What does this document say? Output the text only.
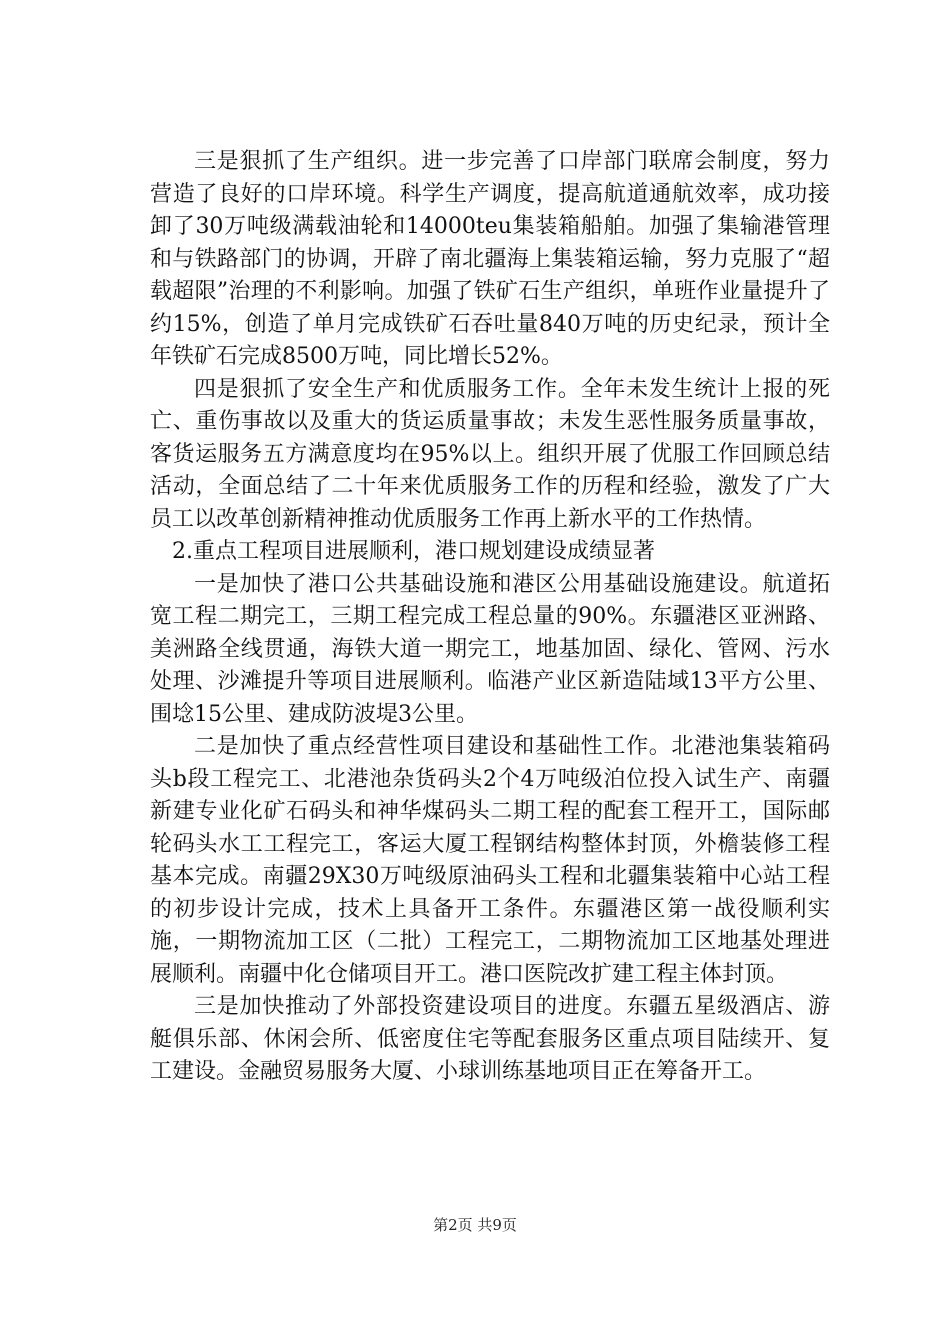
三是狠抓了生产组织。进一步完善了口岸部门联席会制度，努力营造了良好的口岸环境。科学生产调度，提高航道通航效率，成功接卸了30万吨级满载油轮和14000teu集装箱船舶。加强了集输港管理和与铁路部门的协调，开辟了南北疆海上集装箱运输，努力克服了“超载超限”治理的不利影响。加强了铁矿石生产组织，单班作业量提升了约15%，创造了单月完成铁矿石吞吐量840万吨的历史纪录，预计全年铁矿石完成8500万吨，同比增长52%。

四是狠抓了安全生产和优质服务工作。全年未发生统计上报的死亡、重伤事故以及重大的货运质量事故；未发生恶性服务质量事故，客货运服务五方满意度均在95%以上。组织开展了优服工作回顾总结活动，全面总结了二十年来优质服务工作的历程和经验，激发了广大员工以改革创新精神推动优质服务工作再上新水平的工作热情。

2.重点工程项目进展顺利，港口规划建设成绩显著

一是加快了港口公共基础设施和港区公用基础设施建设。航道拓宽工程二期完工，三期工程完成工程总量的90%。东疆港区亚洲路、美洲路全线贯通，海铁大道一期完工，地基加固、绿化、管网、污水处理、沙滩提升等项目进展顺利。临港产业区新造陆域13平方公里、围埝15公里、建成防波堤3公里。

二是加快了重点经营性项目建设和基础性工作。北港池集装箱码头b段工程完工、北港池杂货码头2个4万吨级泊位投入试生产、南疆新建专业化矿石码头和神华煤码头二期工程的配套工程开工，国际邮轮码头水工工程完工，客运大厦工程钢结构整体封顶，外檐装修工程基本完成。南疆29X30万吨级原油码头工程和北疆集装箱中心站工程的初步设计完成，技术上具备开工条件。东疆港区第一战役顺利实施，一期物流加工区（二批）工程完工，二期物流加工区地基处理进展顺利。南疆中化仓储项目开工。港口医院改扩建工程主体封顶。

三是加快推动了外部投资建设项目的进度。东疆五星级酒店、游艇俱乐部、休闲会所、低密度住宅等配套服务区重点项目陆续开、复工建设。金融贸易服务大厦、小球训练基地项目正在筹备开工。

第2页 共9页
